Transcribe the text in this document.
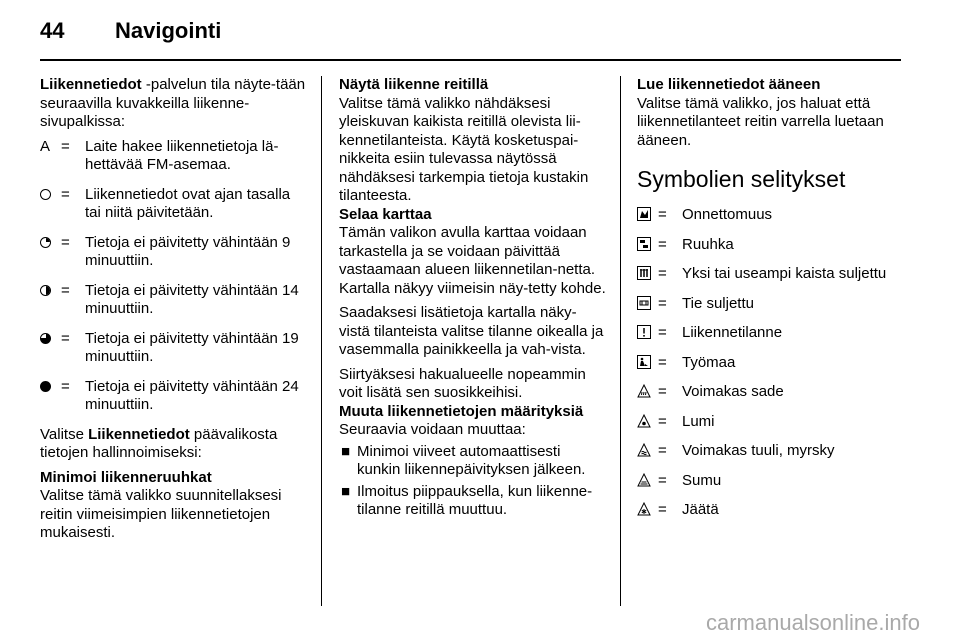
44 Navigointi
Liikennetiedot -palvelun tila näyte-tään seuraavilla kuvakkeilla liikenne-sivupalkissa:
A = Laite hakee liikennetietoja lä-hettävää FM-asemaa.
= Liikennetiedot ovat ajan tasalla tai niitä päivitetään.
= Tietoja ei päivitetty vähintään 9 minuuttiin.
= Tietoja ei päivitetty vähintään 14 minuuttiin.
= Tietoja ei päivitetty vähintään 19 minuuttiin.
= Tietoja ei päivitetty vähintään 24 minuuttiin.
Valitse Liikennetiedot päävalikosta tietojen hallinnoimiseksi:
Minimoi liikenneruuhkat
Valitse tämä valikko suunnitellaksesi reitin viimeisimpien liikennetietojen mukaisesti.
Näytä liikenne reitillä
Valitse tämä valikko nähdäksesi yleiskuvan kaikista reitillä olevista lii-kennetilanteista. Käytä kosketuspai-nikkeita esiin tulevassa näytössä nähdäksesi tarkempia tietoja kustakin tilanteesta.
Selaa karttaa
Tämän valikon avulla karttaa voidaan tarkastella ja se voidaan päivittää vastaamaan alueen liikennetilan-netta. Kartalla näkyy viimeisin näy-tetty kohde.
Saadaksesi lisätietoja kartalla näky-vistä tilanteista valitse tilanne oikealla ja vasemmalla painikkeella ja vah-vista.
Siirtyäksesi hakualueelle nopeammin voit lisätä sen suosikkeihisi.
Muuta liikennetietojen määrityksiä
Seuraavia voidaan muuttaa:
■ Minimoi viiveet automaattisesti kunkin liikennepäivityksen jälkeen.
■ Ilmoitus piippauksella, kun liikenne-tilanne reitillä muuttuu.
Lue liikennetiedot ääneen
Valitse tämä valikko, jos haluat että liikennetilanteet reitin varrella luetaan ääneen.
Symbolien selitykset
= Onnettomuus
= Ruuhka
= Yksi tai useampi kaista suljettu
= Tie suljettu
= Liikennetilanne
= Työmaa
= Voimakas sade
= Lumi
= Voimakas tuuli, myrsky
= Sumu
= Jäätä
carmanualsonline.info
